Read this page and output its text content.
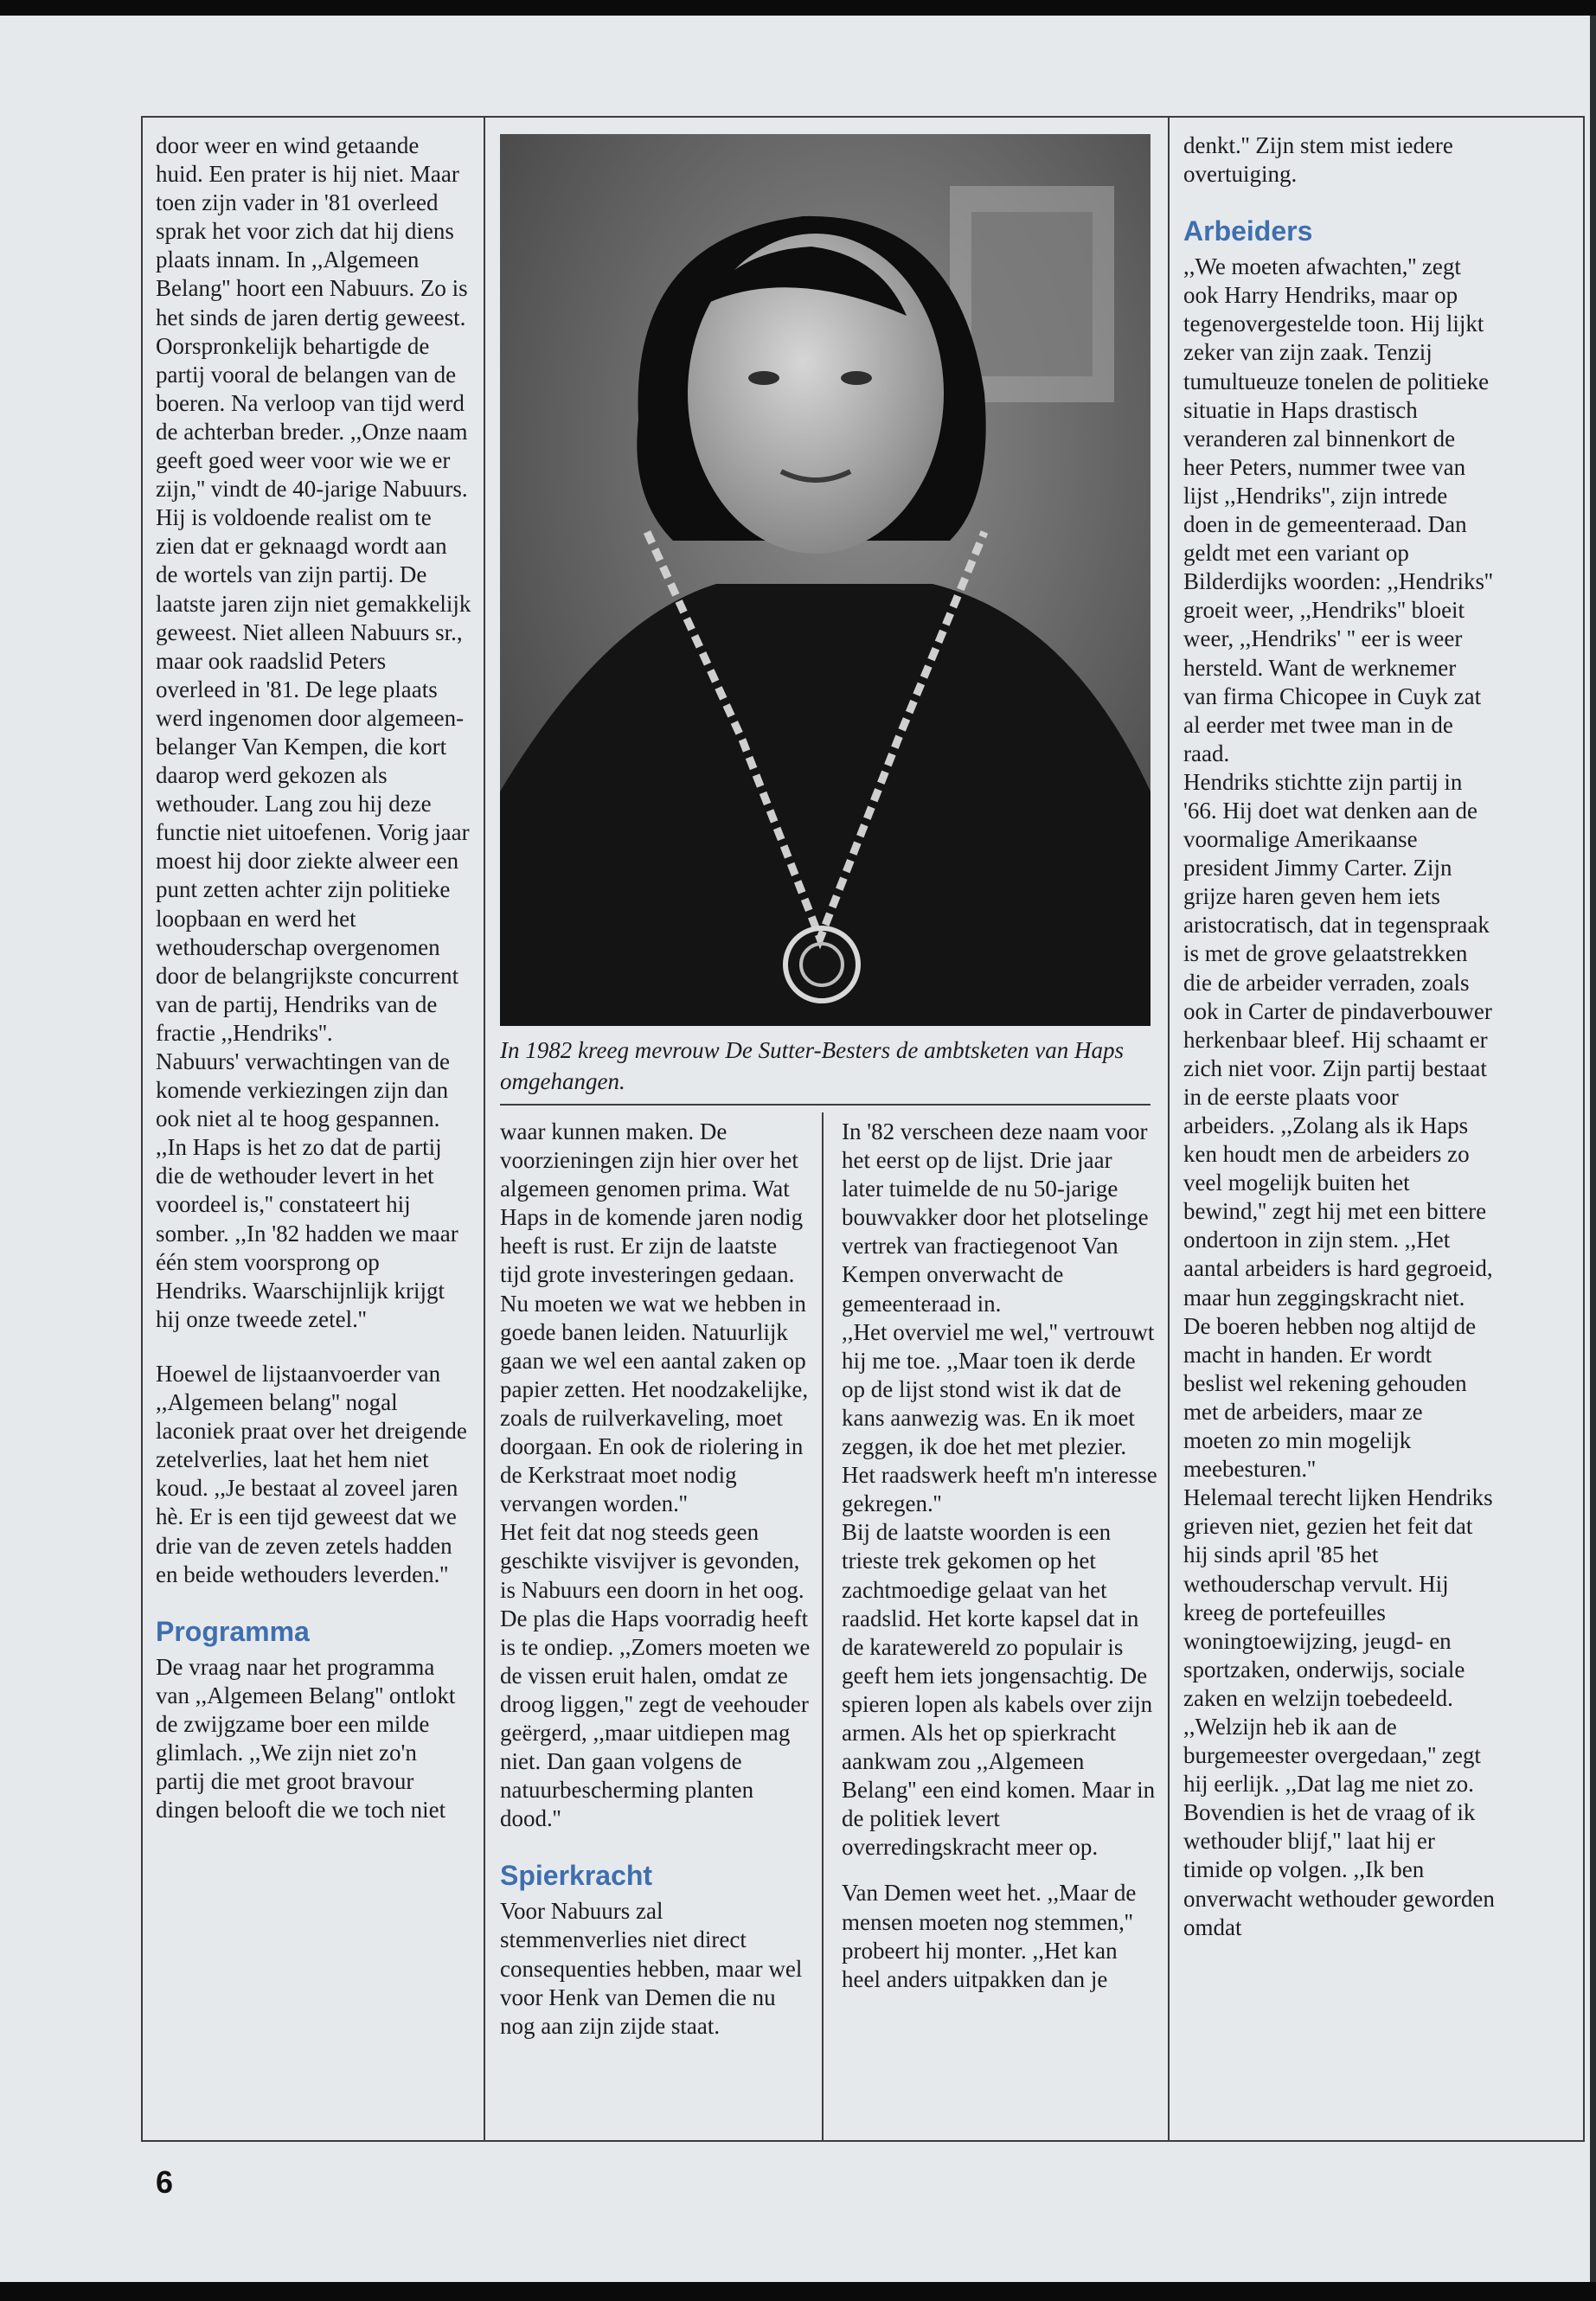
door weer en wind getaande huid. Een prater is hij niet. Maar toen zijn vader in '81 overleed sprak het voor zich dat hij diens plaats innam. In ,,Algemeen Belang'' hoort een Nabuurs. Zo is het sinds de jaren dertig geweest.

Oorspronkelijk behartigde de partij vooral de belangen van de boeren. Na verloop van tijd werd de achterban breder. ,,Onze naam geeft goed weer voor wie we er zijn,'' vindt de 40-jarige Nabuurs. Hij is voldoende realist om te zien dat er geknaagd wordt aan de wortels van zijn partij. De laatste jaren zijn niet gemakkelijk geweest. Niet alleen Nabuurs sr., maar ook raadslid Peters overleed in '81. De lege plaats werd ingenomen door algemeen-belanger Van Kempen, die kort daarop werd gekozen als wethouder. Lang zou hij deze functie niet uitoefenen. Vorig jaar moest hij door ziekte alweer een punt zetten achter zijn politieke loopbaan en werd het wethouderschap overgenomen door de belangrijkste concurrent van de partij, Hendriks van de fractie ,,Hendriks''.

Nabuurs' verwachtingen van de komende verkiezingen zijn dan ook niet al te hoog gespannen. ,,In Haps is het zo dat de partij die de wethouder levert in het voordeel is,'' constateert hij somber. ,,In '82 hadden we maar één stem voorsprong op Hendriks. Waarschijnlijk krijgt hij onze tweede zetel.''

Hoewel de lijstaanvoerder van ,,Algemeen belang'' nogal laconiek praat over het dreigende zetelverlies, laat het hem niet koud. ,,Je bestaat al zoveel jaren hè. Er is een tijd geweest dat we drie van de zeven zetels hadden en beide wethouders leverden.''

Programma

De vraag naar het programma van ,,Algemeen Belang'' ontlokt de zwijgzame boer een milde glimlach. ,,We zijn niet zo'n partij die met groot bravour dingen belooft die we toch niet

In 1982 kreeg mevrouw De Sutter-Besters de ambtsketen van Haps omgehangen.

waar kunnen maken. De voorzieningen zijn hier over het algemeen genomen prima. Wat Haps in de komende jaren nodig heeft is rust. Er zijn de laatste tijd grote investeringen gedaan. Nu moeten we wat we hebben in goede banen leiden. Natuurlijk gaan we wel een aantal zaken op papier zetten. Het noodzakelijke, zoals de ruilverkaveling, moet doorgaan. En ook de riolering in de Kerkstraat moet nodig vervangen worden.''

Het feit dat nog steeds geen geschikte visvijver is gevonden, is Nabuurs een doorn in het oog. De plas die Haps voorradig heeft is te ondiep. ,,Zomers moeten we de vissen eruit halen, omdat ze droog liggen,'' zegt de veehouder geërgerd, ,,maar uitdiepen mag niet. Dan gaan volgens de natuurbescherming planten dood.''

Spierkracht

Voor Nabuurs zal stemmenverlies niet direct consequenties hebben, maar wel voor Henk van Demen die nu nog aan zijn zijde staat.

In '82 verscheen deze naam voor het eerst op de lijst. Drie jaar later tuimelde de nu 50-jarige bouwvakker door het plotselinge vertrek van fractiegenoot Van Kempen onverwacht de gemeenteraad in.

,,Het overviel me wel,'' vertrouwt hij me toe. ,,Maar toen ik derde op de lijst stond wist ik dat de kans aanwezig was. En ik moet zeggen, ik doe het met plezier. Het raadswerk heeft m'n interesse gekregen.''

Bij de laatste woorden is een trieste trek gekomen op het zachtmoedige gelaat van het raadslid. Het korte kapsel dat in de karatewereld zo populair is geeft hem iets jongensachtig. De spieren lopen als kabels over zijn armen. Als het op spierkracht aankwam zou ,,Algemeen Belang'' een eind komen. Maar in de politiek levert overredingskracht meer op.

Van Demen weet het. ,,Maar de mensen moeten nog stemmen,'' probeert hij monter. ,,Het kan heel anders uitpakken dan je

denkt.'' Zijn stem mist iedere overtuiging.

Arbeiders

,,We moeten afwachten,'' zegt ook Harry Hendriks, maar op tegenovergestelde toon. Hij lijkt zeker van zijn zaak. Tenzij tumultueuze tonelen de politieke situatie in Haps drastisch veranderen zal binnenkort de heer Peters, nummer twee van lijst ,,Hendriks'', zijn intrede doen in de gemeenteraad. Dan geldt met een variant op Bilderdijks woorden: ,,Hendriks'' groeit weer, ,,Hendriks'' bloeit weer, ,,Hendriks' '' eer is weer hersteld. Want de werknemer van firma Chicopee in Cuyk zat al eerder met twee man in de raad.

Hendriks stichtte zijn partij in '66. Hij doet wat denken aan de voormalige Amerikaanse president Jimmy Carter. Zijn grijze haren geven hem iets aristocratisch, dat in tegenspraak is met de grove gelaatstrekken die de arbeider verraden, zoals ook in Carter de pindaverbouwer herkenbaar bleef. Hij schaamt er zich niet voor. Zijn partij bestaat in de eerste plaats voor arbeiders. ,,Zolang als ik Haps ken houdt men de arbeiders zo veel mogelijk buiten het bewind,'' zegt hij met een bittere ondertoon in zijn stem. ,,Het aantal arbeiders is hard gegroeid, maar hun zeggingskracht niet. De boeren hebben nog altijd de macht in handen. Er wordt beslist wel rekening gehouden met de arbeiders, maar ze moeten zo min mogelijk meebesturen.''

Helemaal terecht lijken Hendriks grieven niet, gezien het feit dat hij sinds april '85 het wethouderschap vervult. Hij kreeg de portefeuilles woningtoewijzing, jeugd- en sportzaken, onderwijs, sociale zaken en welzijn toebedeeld. ,,Welzijn heb ik aan de burgemeester overgedaan,'' zegt hij eerlijk. ,,Dat lag me niet zo. Bovendien is het de vraag of ik wethouder blijf,'' laat hij er timide op volgen. ,,Ik ben onverwacht wethouder geworden omdat

6
